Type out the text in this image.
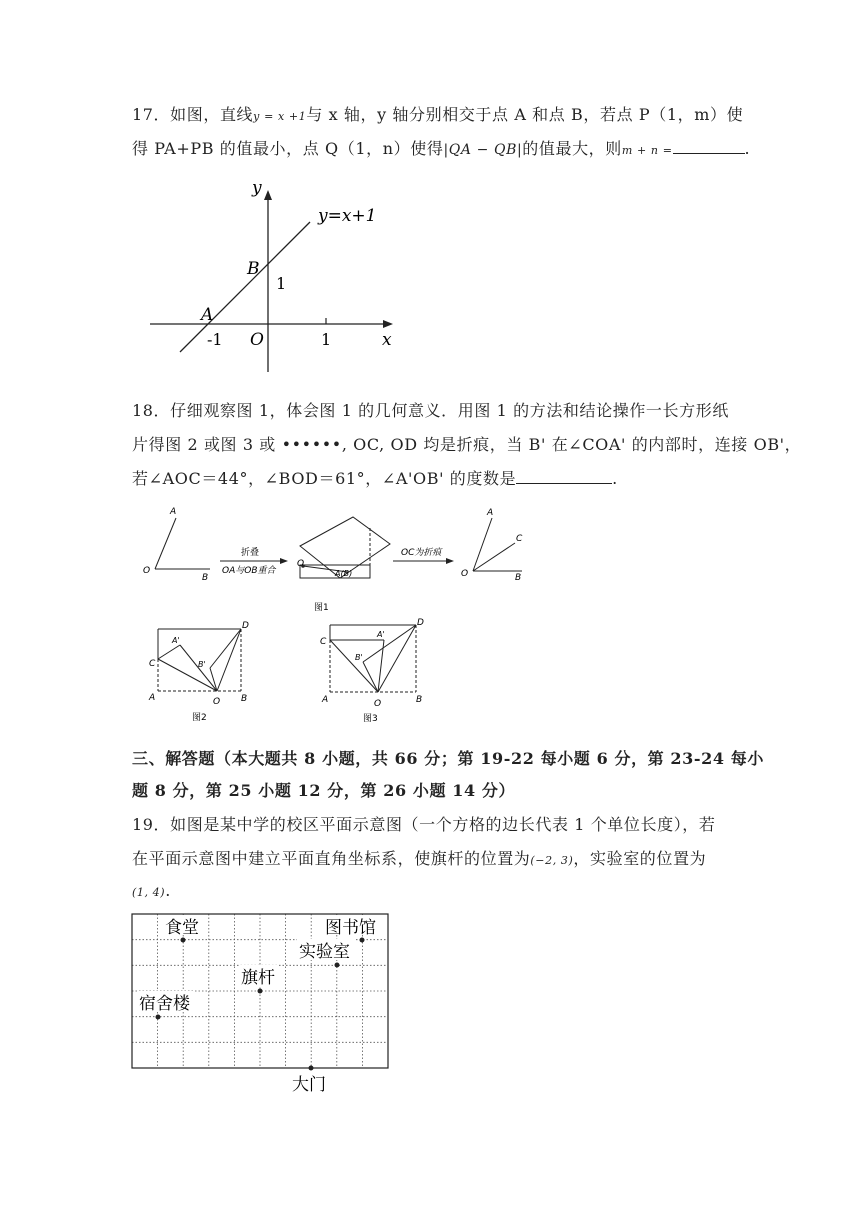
17．如图，直线y = x +1与 x 轴，y 轴分别相交于点 A 和点 B，若点 P（1，m）使
得 PA+PB 的值最小，点 Q（1，n）使得|QA − QB|的值最大，则m + n =	.
y
x
y=x+1
B
1
A
-1 O	1
18．仔细观察图 1，体会图 1 的几何意义．用图 1 的方法和结论操作一长方形纸
片得图 2 或图 3 或 ••••••, OC, OD 均是折痕，当 B' 在∠COA' 的内部时，连接 OB'，
若∠AOC＝44°，∠BOD＝61°，∠A'OB' 的度数是	.
A
O
B
折叠
OA与OB重合
O
A(B)
图1
OC为折痕
A
C
O	B
D
A'
C	B'
A	O B
图2
D
A'
C
B'
A	O	B
图3
三、解答题（本大题共 8 小题，共 66 分；第 19-22 每小题 6 分，第 23-24 每小
题 8 分，第 25 小题 12 分，第 26 小题 14 分）
19．如图是某中学的校区平面示意图（一个方格的边长代表 1 个单位长度），若
在平面示意图中建立平面直角坐标系，使旗杆的位置为(−2, 3)，实验室的位置为
(1, 4).
食堂	图书馆
实验室
旗杆
宿舍楼
大门
